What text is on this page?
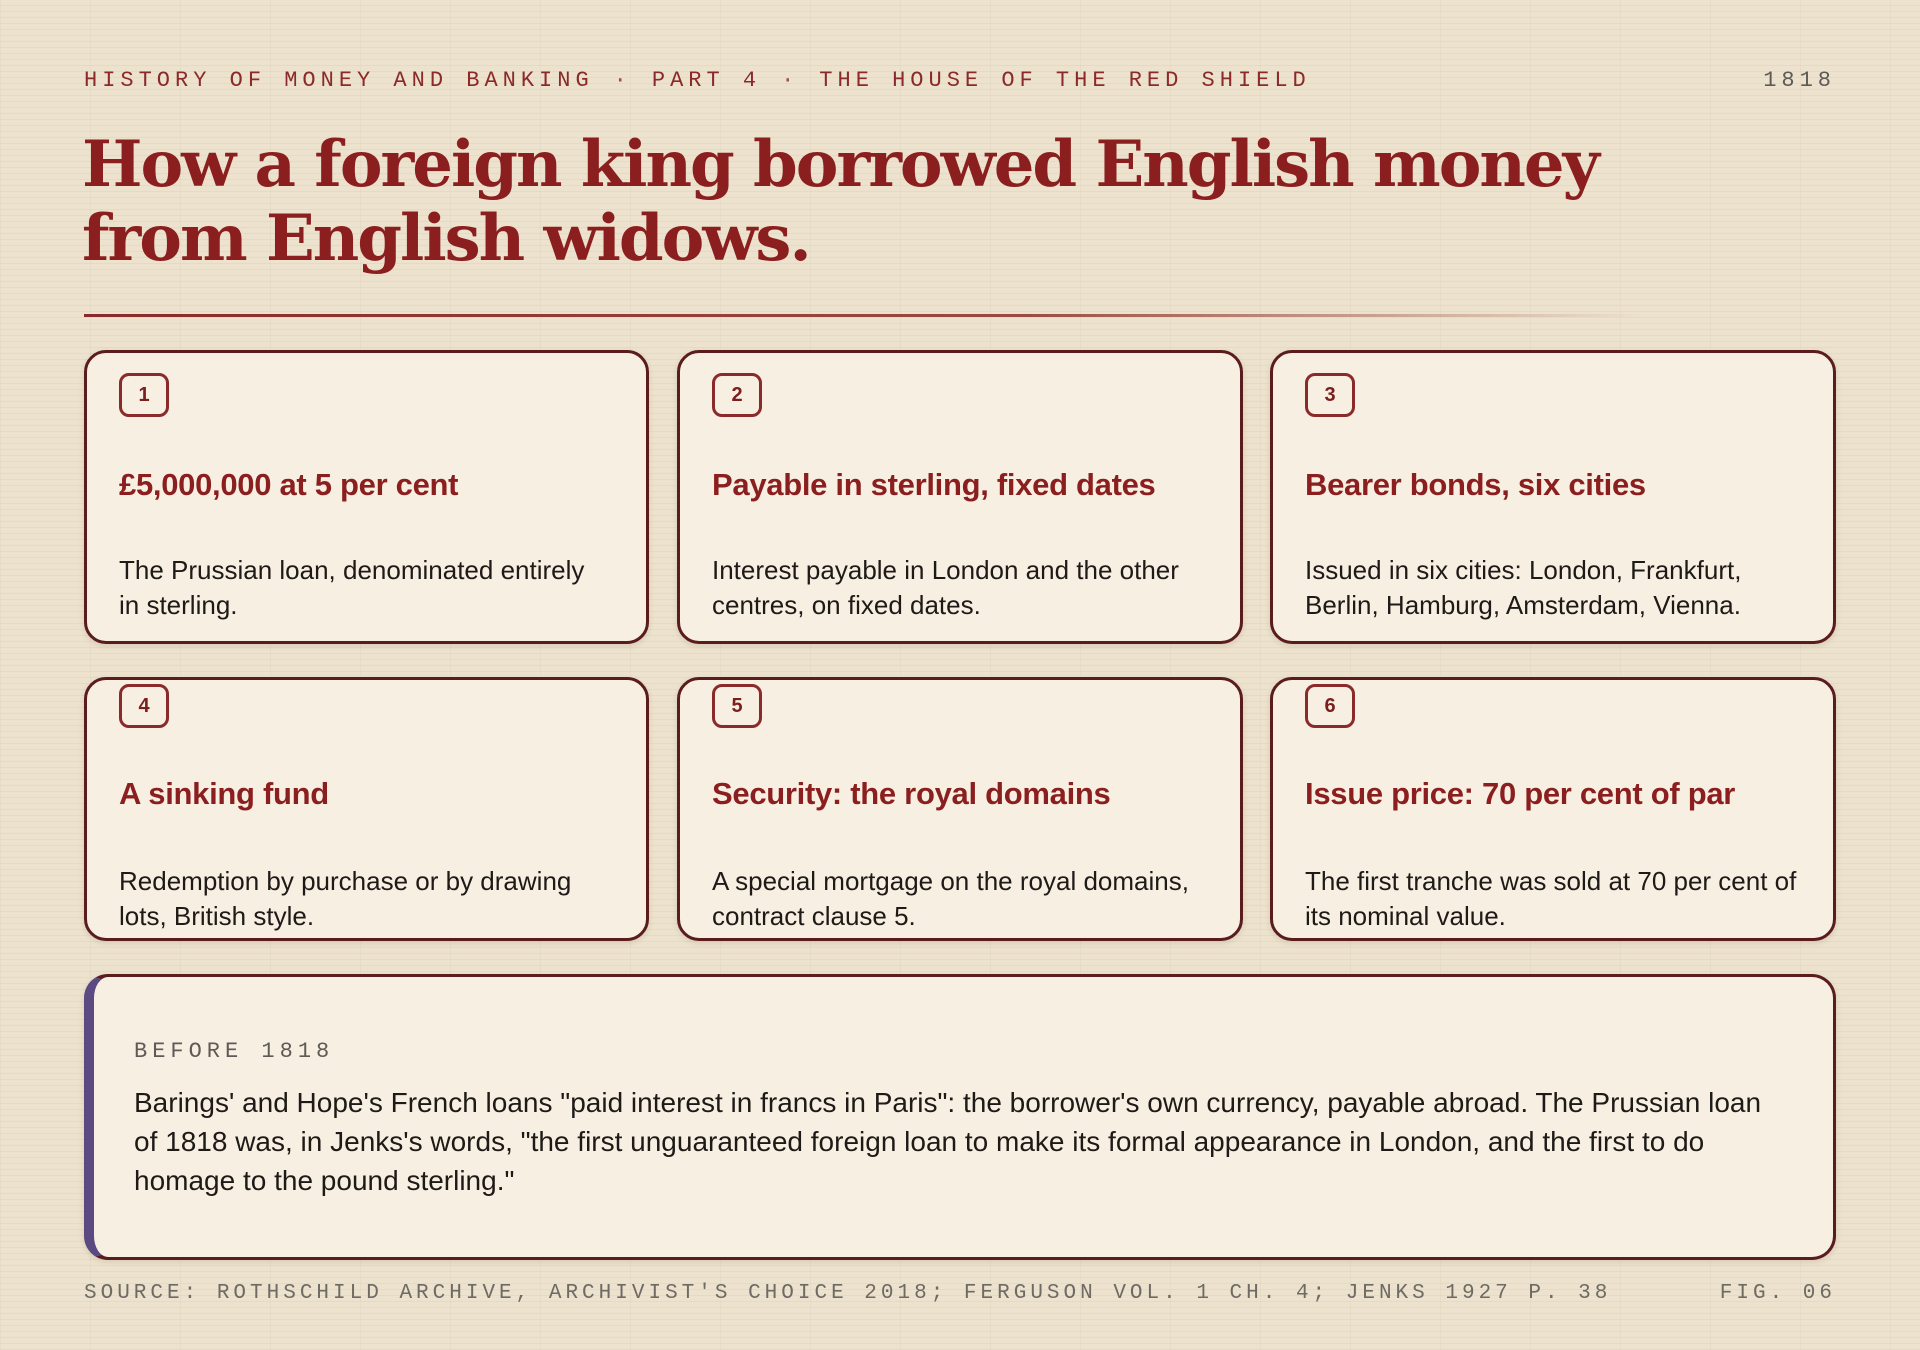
HISTORY OF MONEY AND BANKING · PART 4 · THE HOUSE OF THE RED SHIELD	1818
How a foreign king borrowed English money from English widows.
1
£5,000,000 at 5 per cent
The Prussian loan, denominated entirely in sterling.
2
Payable in sterling, fixed dates
Interest payable in London and the other centres, on fixed dates.
3
Bearer bonds, six cities
Issued in six cities: London, Frankfurt, Berlin, Hamburg, Amsterdam, Vienna.
4
A sinking fund
Redemption by purchase or by drawing lots, British style.
5
Security: the royal domains
A special mortgage on the royal domains, contract clause 5.
6
Issue price: 70 per cent of par
The first tranche was sold at 70 per cent of its nominal value.
BEFORE 1818
Barings' and Hope's French loans "paid interest in francs in Paris": the borrower's own currency, payable abroad. The Prussian loan of 1818 was, in Jenks's words, "the first unguaranteed foreign loan to make its formal appearance in London, and the first to do homage to the pound sterling."
SOURCE: ROTHSCHILD ARCHIVE, ARCHIVIST'S CHOICE 2018; FERGUSON VOL. 1 CH. 4; JENKS 1927 P. 38	FIG. 06
